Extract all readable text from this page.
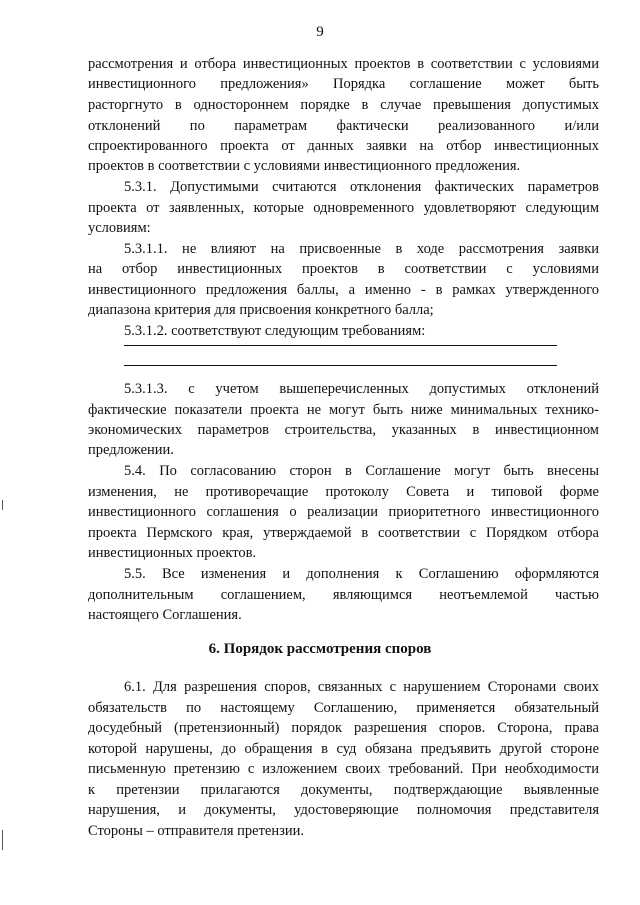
9
рассмотрения и отбора инвестиционных проектов в соответствии с условиями
инвестиционного предложения» Порядка соглашение может быть
расторгнуто в одностороннем порядке в случае превышения допустимых
отклонений по параметрам фактически реализованного и/или
спроектированного проекта от данных заявки на отбор инвестиционных
проектов в соответствии с условиями инвестиционного предложения.
5.3.1. Допустимыми считаются отклонения фактических параметров
проекта от заявленных, которые одновременного удовлетворяют следующим
условиям:
5.3.1.1. не влияют на присвоенные в ходе рассмотрения заявки
на отбор инвестиционных проектов в соответствии с условиями
инвестиционного предложения баллы, а именно - в рамках утвержденного
диапазона критерия для присвоения конкретного балла;
5.3.1.2. соответствуют следующим требованиям:
5.3.1.3. с учетом вышеперечисленных допустимых отклонений
фактические показатели проекта не могут быть ниже минимальных технико-
экономических параметров строительства, указанных в инвестиционном
предложении.
5.4. По согласованию сторон в Соглашение могут быть внесены
изменения, не противоречащие протоколу Совета и типовой форме
инвестиционного соглашения о реализации приоритетного инвестиционного
проекта Пермского края, утверждаемой в соответствии с Порядком отбора
инвестиционных проектов.
5.5. Все изменения и дополнения к Соглашению оформляются
дополнительным соглашением, являющимся неотъемлемой частью
настоящего Соглашения.
6. Порядок рассмотрения споров
6.1. Для разрешения споров, связанных с нарушением Сторонами своих
обязательств по настоящему Соглашению, применяется обязательный
досудебный (претензионный) порядок разрешения споров. Сторона, права
которой нарушены, до обращения в суд обязана предъявить другой стороне
письменную претензию с изложением своих требований. При необходимости
к претензии прилагаются документы, подтверждающие выявленные
нарушения, и документы, удостоверяющие полномочия представителя
Стороны – отправителя претензии.
